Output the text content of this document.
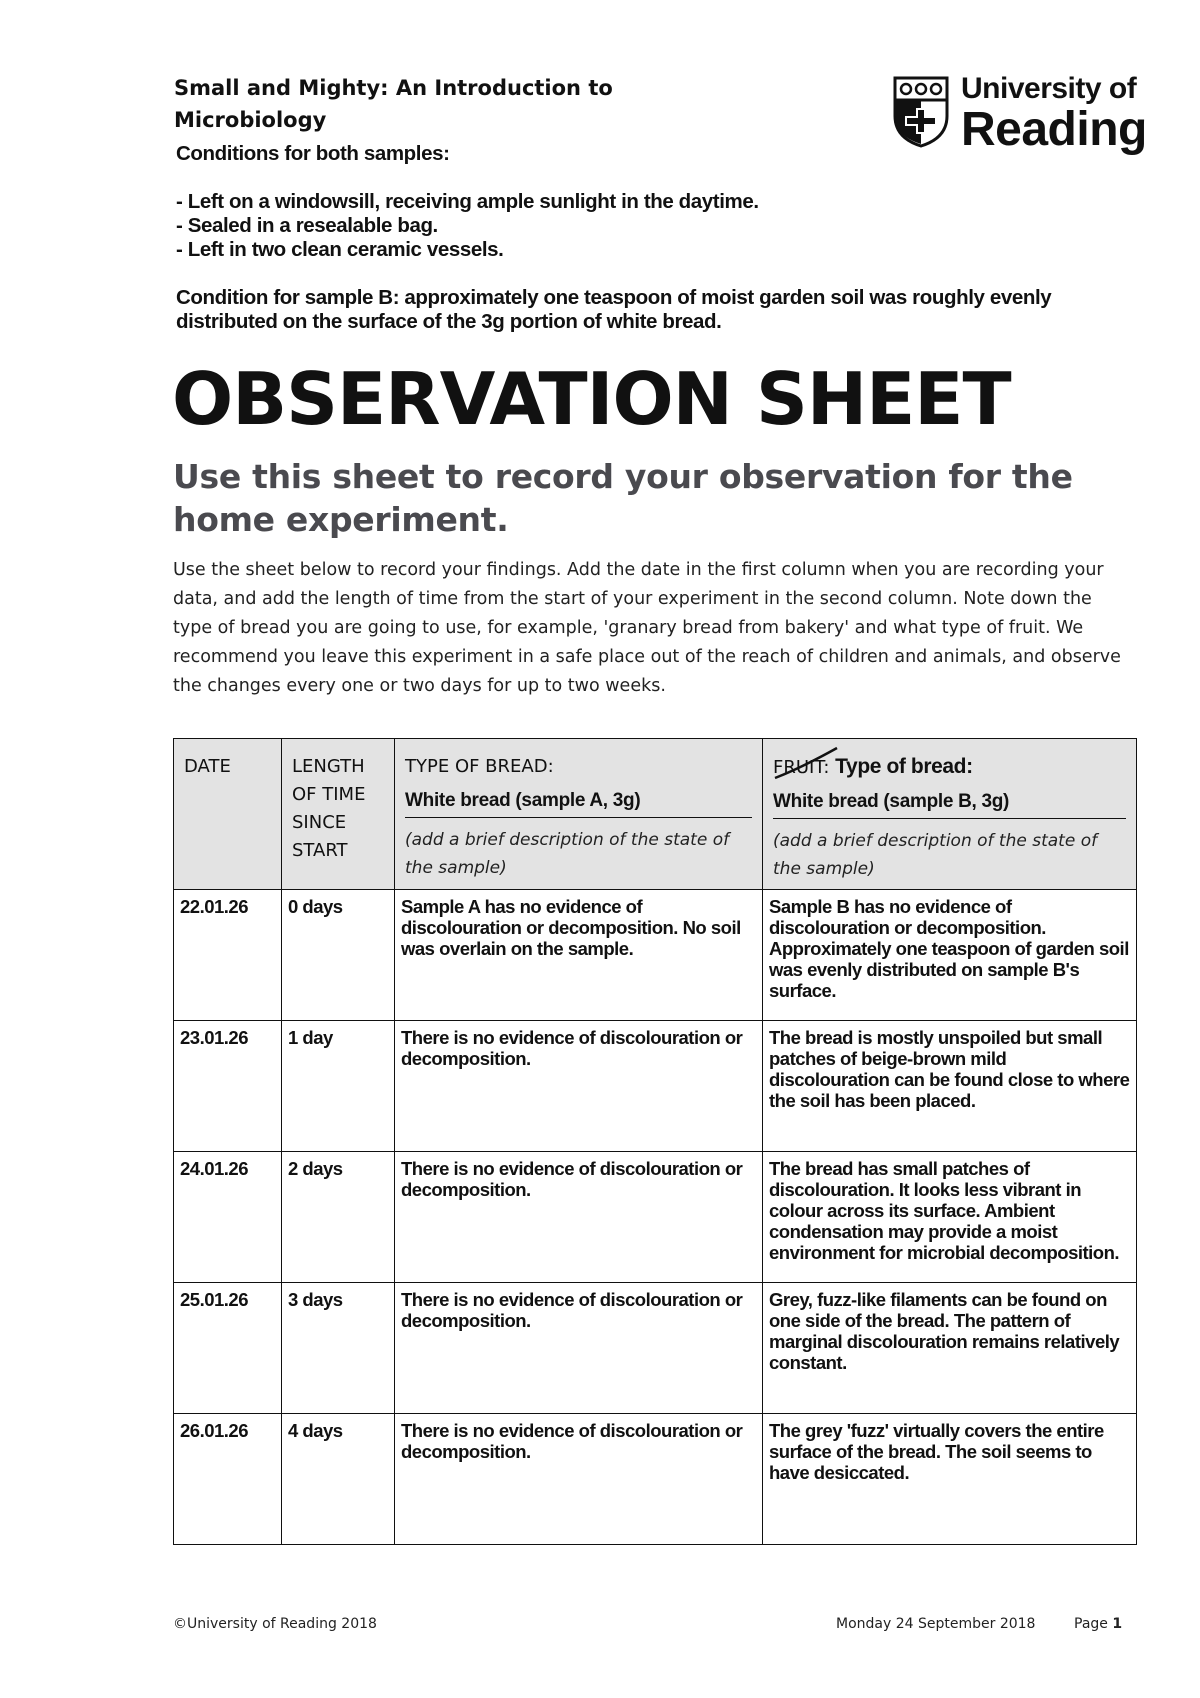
Small and Mighty: An Introduction to
Microbiology
University of
Reading

Conditions for both samples:

- Left on a windowsill, receiving ample sunlight in the daytime.

- Sealed in a resealable bag.

- Left in two clean ceramic vessels.

Condition for sample B: approximately one teaspoon of moist garden soil was roughly evenly distributed on the surface of the 3g portion of white bread.

OBSERVATION SHEET
Use this sheet to record your observation for the home experiment.
Use the sheet below to record your findings. Add the date in the first column when you are recording your data, and add the length of time from the start of your experiment in the second column. Note down the type of bread you are going to use, for example, 'granary bread from bakery' and what type of fruit. We recommend you leave this experiment in a safe place out of the reach of children and animals, and observe the changes every one or two days for up to two weeks.
DATE	LENGTH
OF TIME
SINCE
START	TYPE OF BREAD:
White bread (sample A, 3g)
(add a brief description of the state of the sample)	FRUIT: Type of bread:
White bread (sample B, 3g)
(add a brief description of the state of the sample)

22.01.26	0 days	Sample A has no evidence of discolouration or decomposition. No soil was overlain on the sample.	Sample B has no evidence of discolouration or decomposition. Approximately one teaspoon of garden soil was evenly distributed on sample B's surface.
23.01.26	1 day	There is no evidence of discolouration or decomposition.	The bread is mostly unspoiled but small patches of beige-brown mild discolouration can be found close to where the soil has been placed.
24.01.26	2 days	There is no evidence of discolouration or decomposition.	The bread has small patches of discolouration. It looks less vibrant in colour across its surface. Ambient condensation may provide a moist environment for microbial decomposition.
25.01.26	3 days	There is no evidence of discolouration or decomposition.	Grey, fuzz-like filaments can be found on one side of the bread. The pattern of marginal discolouration remains relatively constant.
26.01.26	4 days	There is no evidence of discolouration or decomposition.	The grey 'fuzz' virtually covers the entire surface of the bread. The soil seems to have desiccated.
©University of Reading 2018	Monday 24 September 2018	Page 1
